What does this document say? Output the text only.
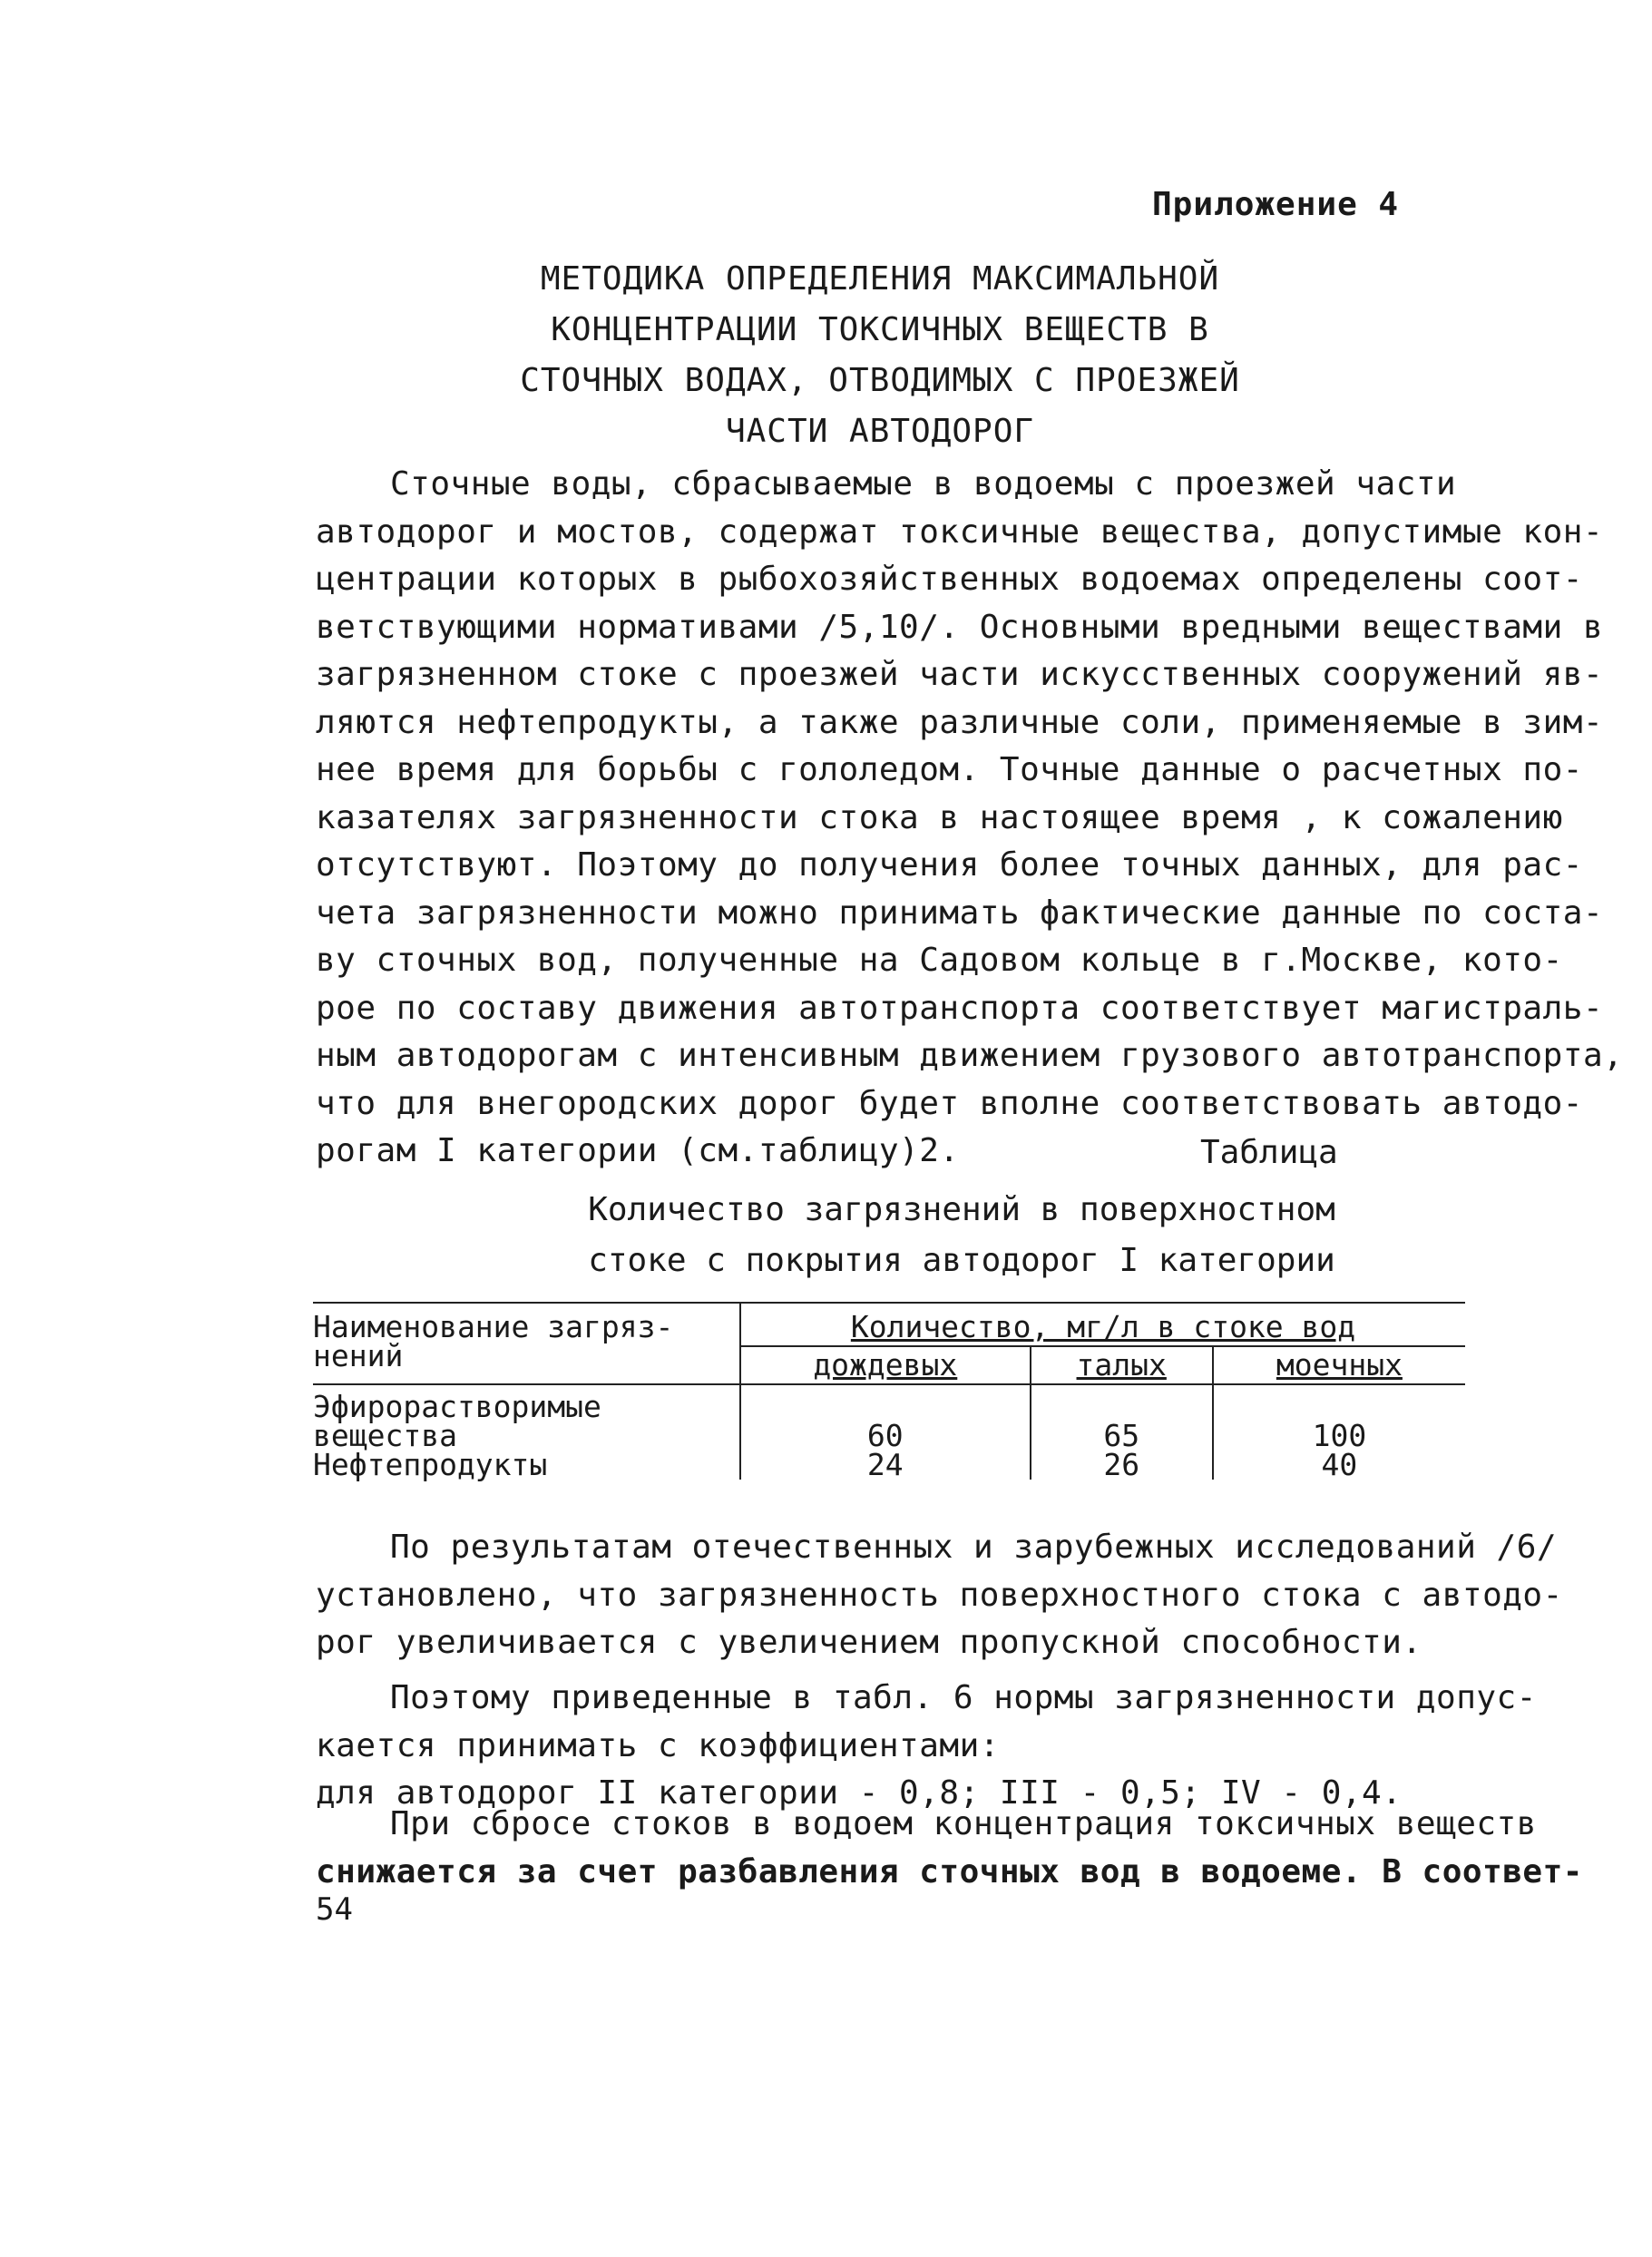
Приложение 4
МЕТОДИКА ОПРЕДЕЛЕНИЯ МАКСИМАЛЬНОЙ
КОНЦЕНТРАЦИИ ТОКСИЧНЫХ ВЕЩЕСТВ В
СТОЧНЫХ ВОДАХ, ОТВОДИМЫХ С ПРОЕЗЖЕЙ
ЧАСТИ АВТОДОРОГ
Сточные воды, сбрасываемые в водоемы с проезжей части
автодорог и мостов, содержат токсичные вещества, допустимые кон-
центрации которых в рыбохозяйственных водоемах определены соот-
ветствующими нормативами /5,10/. Основными вредными веществами в
загрязненном стоке с проезжей части искусственных сооружений яв-
ляются нефтепродукты, а также различные соли, применяемые в зим-
нее время для борьбы с гололедом. Точные данные о расчетных по-
казателях загрязненности стока в настоящее время , к сожалению
отсутствуют. Поэтому до получения более точных данных, для рас-
чета загрязненности можно принимать фактические данные по соста-
ву сточных вод, полученные на Садовом кольце в г.Москве, кото-
рое по составу движения автотранспорта соответствует магистраль-
ным автодорогам с интенсивным движением грузового автотранспорта,
что для внегородских дорог будет вполне соответствовать автодо-
рогам I категории (см.таблицу)2.	Таблица
Количество загрязнений в поверхностном
стоке с покрытия автодорог I категории
Наименование загряз-нений	Количество, мг/л в стоке вод		
	дождевых	талых	моечных
Эфирорастворимые вещества	60	65	100
Нефтепродукты	24	26	40
По результатам отечественных и зарубежных исследований /6/
установлено, что загрязненность поверхностного стока с автодо-
рог увеличивается с увеличением пропускной способности.
Поэтому приведенные в табл. 6 нормы загрязненности допус-
кается принимать с коэффициентами:
для автодорог II категории - 0,8; III - 0,5; IV - 0,4.
При сбросе стоков в водоем концентрация токсичных веществ
снижается за счет разбавления сточных вод в водоеме. В соответ-
54
